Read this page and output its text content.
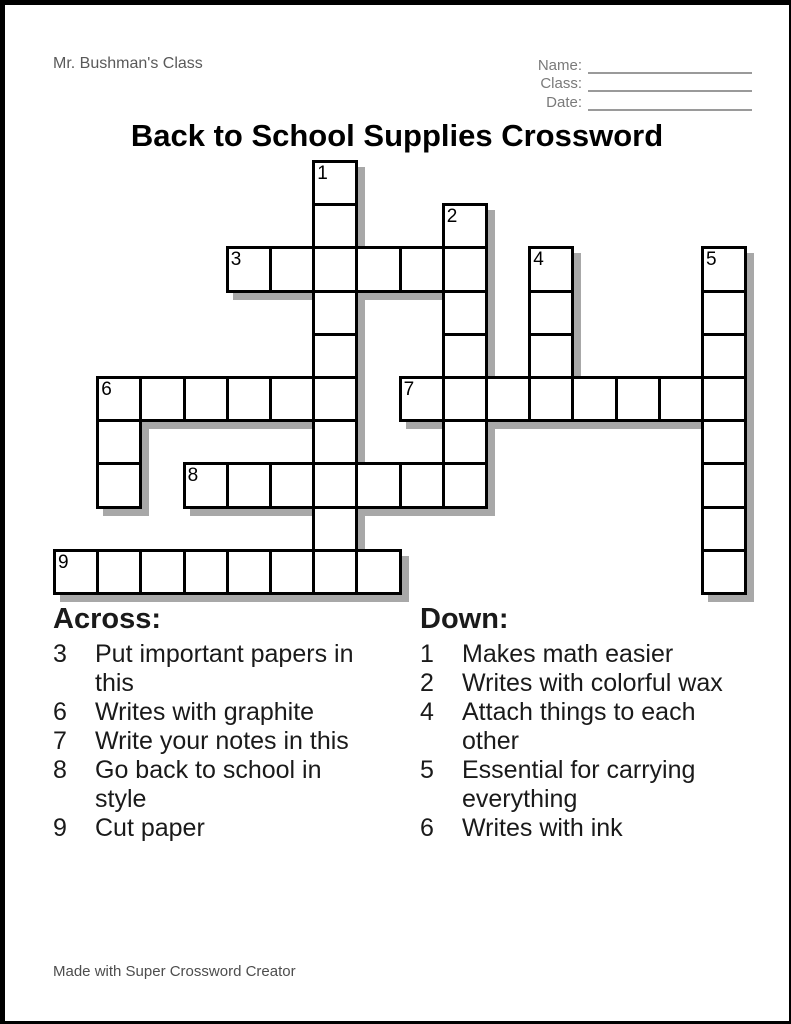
Mr. Bushman's Class	Name:
Class:
Date:
Back to School Supplies Crossword
1
2
3	4	5
6	7
8
9
Across:
3	Put important papers in this
6	Writes with graphite
7	Write your notes in this
8	Go back to school in style
9	Cut paper
Down:
1	Makes math easier
2	Writes with colorful wax
4	Attach things to each other
5	Essential for carrying everything
6	Writes with ink
Made with Super Crossword Creator
